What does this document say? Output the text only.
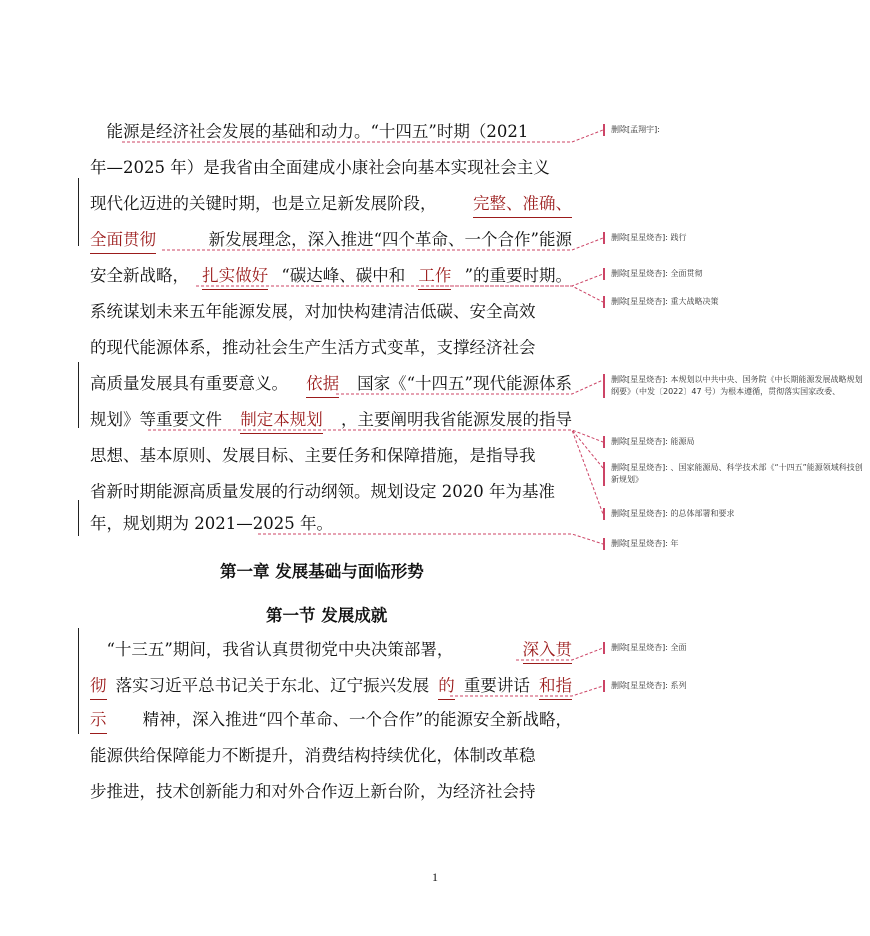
　能源是经济社会发展的基础和动力。“十四五”时期（2021
年—2025 年）是我省由全面建成小康社会向基本实现社会主义
现代化迈进的关键时期，也是立足新发展阶段， 完整、准确、
全面贯彻	新发展理念，深入推进“四个革命、一个合作”能源
安全新战略， 扎实做好 “碳达峰、碳中和 工作 ”的重要时期。
系统谋划未来五年能源发展，对加快构建清洁低碳、安全高效
的现代能源体系，推动社会生产生活方式变革，支撑经济社会
高质量发展具有重要意义。 依据 国家《“十四五”现代能源体系
规划》等重要文件 制定本规划 ，主要阐明我省能源发展的指导
思想、基本原则、发展目标、主要任务和保障措施，是指导我
省新时期能源高质量发展的行动纲领。规划设定 2020 年为基准
年，规划期为 2021—2025 年。
第一章 发展基础与面临形势
第一节 发展成就
　“十三五”期间，我省认真贯彻党中央决策部署，	深入贯
彻 落实习近平总书记关于东北、辽宁振兴发展 的 重要讲话 和指
示 精神，深入推进“四个革命、一个合作”的能源安全新战略，
能源供给保障能力不断提升，消费结构持续优化，体制改革稳
步推进，技术创新能力和对外合作迈上新台阶，为经济社会持
删除[孟翔宇]:
删除[星星烧杏]: 践行
删除[星星烧杏]: 全面贯彻
删除[星星烧杏]: 重大战略决策
删除[星星烧杏]: 本规划以中共中央、国务院《中长期能源发展战略规划纲要》（中发〔2022〕47 号）为根本遵循，贯彻落实国家改委、
删除[星星烧杏]: 能源局
删除[星星烧杏]: 、国家能源局、科学技术部《“十四五”能源领域科技创新规划》
删除[星星烧杏]: 的总体部署和要求
删除[星星烧杏]: 年
删除[星星烧杏]: 全面
删除[星星烧杏]: 系列
1
